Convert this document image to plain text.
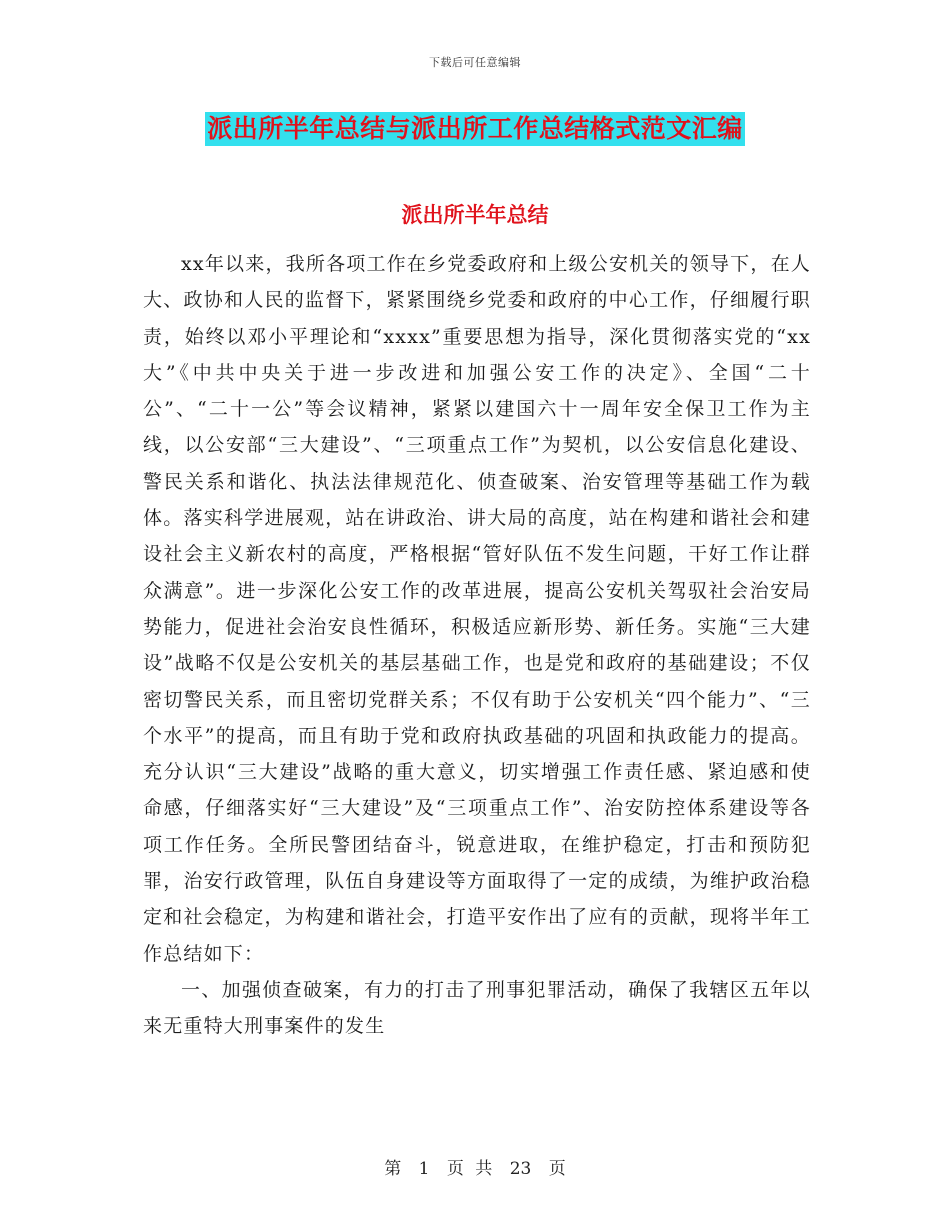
下载后可任意编辑
派出所半年总结与派出所工作总结格式范文汇编
派出所半年总结

xx年以来，我所各项工作在乡党委政府和上级公安机关的领导下，在人大、政协和人民的监督下，紧紧围绕乡党委和政府的中心工作，仔细履行职责，始终以邓小平理论和“xxxx”重要思想为指导，深化贯彻落实党的“xx大”《中共中央关于进一步改进和加强公安工作的决定》、全国“二十公”、“二十一公”等会议精神，紧紧以建国六十一周年安全保卫工作为主线，以公安部“三大建设”、“三项重点工作”为契机，以公安信息化建设、警民关系和谐化、执法法律规范化、侦查破案、治安管理等基础工作为载体。落实科学进展观，站在讲政治、讲大局的高度，站在构建和谐社会和建设社会主义新农村的高度，严格根据“管好队伍不发生问题，干好工作让群众满意”。进一步深化公安工作的改革进展，提高公安机关驾驭社会治安局势能力，促进社会治安良性循环，积极适应新形势、新任务。实施“三大建设”战略不仅是公安机关的基层基础工作，也是党和政府的基础建设；不仅密切警民关系，而且密切党群关系；不仅有助于公安机关“四个能力”、“三个水平”的提高，而且有助于党和政府执政基础的巩固和执政能力的提高。充分认识“三大建设”战略的重大意义，切实增强工作责任感、紧迫感和使命感，仔细落实好“三大建设”及“三项重点工作”、治安防控体系建设等各项工作任务。全所民警团结奋斗，锐意进取，在维护稳定，打击和预防犯罪，治安行政管理，队伍自身建设等方面取得了一定的成绩，为维护政治稳定和社会稳定，为构建和谐社会，打造平安作出了应有的贡献，现将半年工作总结如下：

一、加强侦查破案，有力的打击了刑事犯罪活动，确保了我辖区五年以来无重特大刑事案件的发生

第 1 页 共 23 页
